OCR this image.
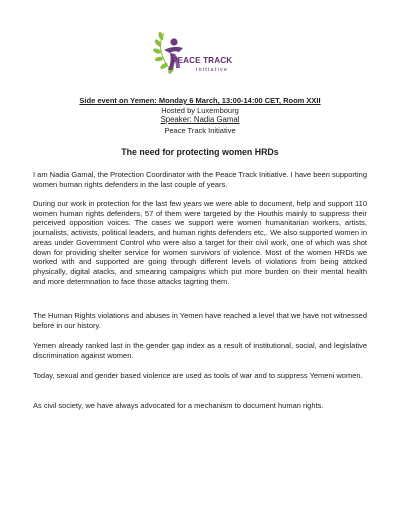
PEACE TRACK
initiative
Side event on Yemen: Monday 6 March, 13:00-14:00 CET, Room XXII
Hosted by Luxembourg
Speaker: Nadia Gamal
Peace Track Initiative
The need for protecting women HRDs

I am Nadia Gamal, the Protection Coordinator with the Peace Track Initiative. I have been supporting women human rights defenders in the last couple of years.

During our work in protection for the last few years we were able to document, help and support 110 women human rights defenders, 57 of them were targeted by the Houthis mainly to suppress their perceived opposition voices. The cases we support were women humanitarian workers, artists, journalists, activists, political leaders, and human rights defenders etc,. We also supported women in areas under Government Control who were also a target for their civil work, one of which was shot down for providing shelter service for women survivors of violence. Most of the women HRDs we worked with and supported are going through different levels of violations from being attcked physically, digital atacks, and smearing campaigns which put more burden on their mental health and more determnation to face those attacks tagrting them.

The Human Rights violations and abuses in Yemen have reached a level that we have not witnessed before in our history.

Yemen already ranked last in the gender gap index as a result of institutional, social, and legislative discrimination against women.

Today, sexual and gender based violence are used as tools of war and to suppress Yemeni women.

As civil society, we have always advocated for a mechanism to document human rights.
